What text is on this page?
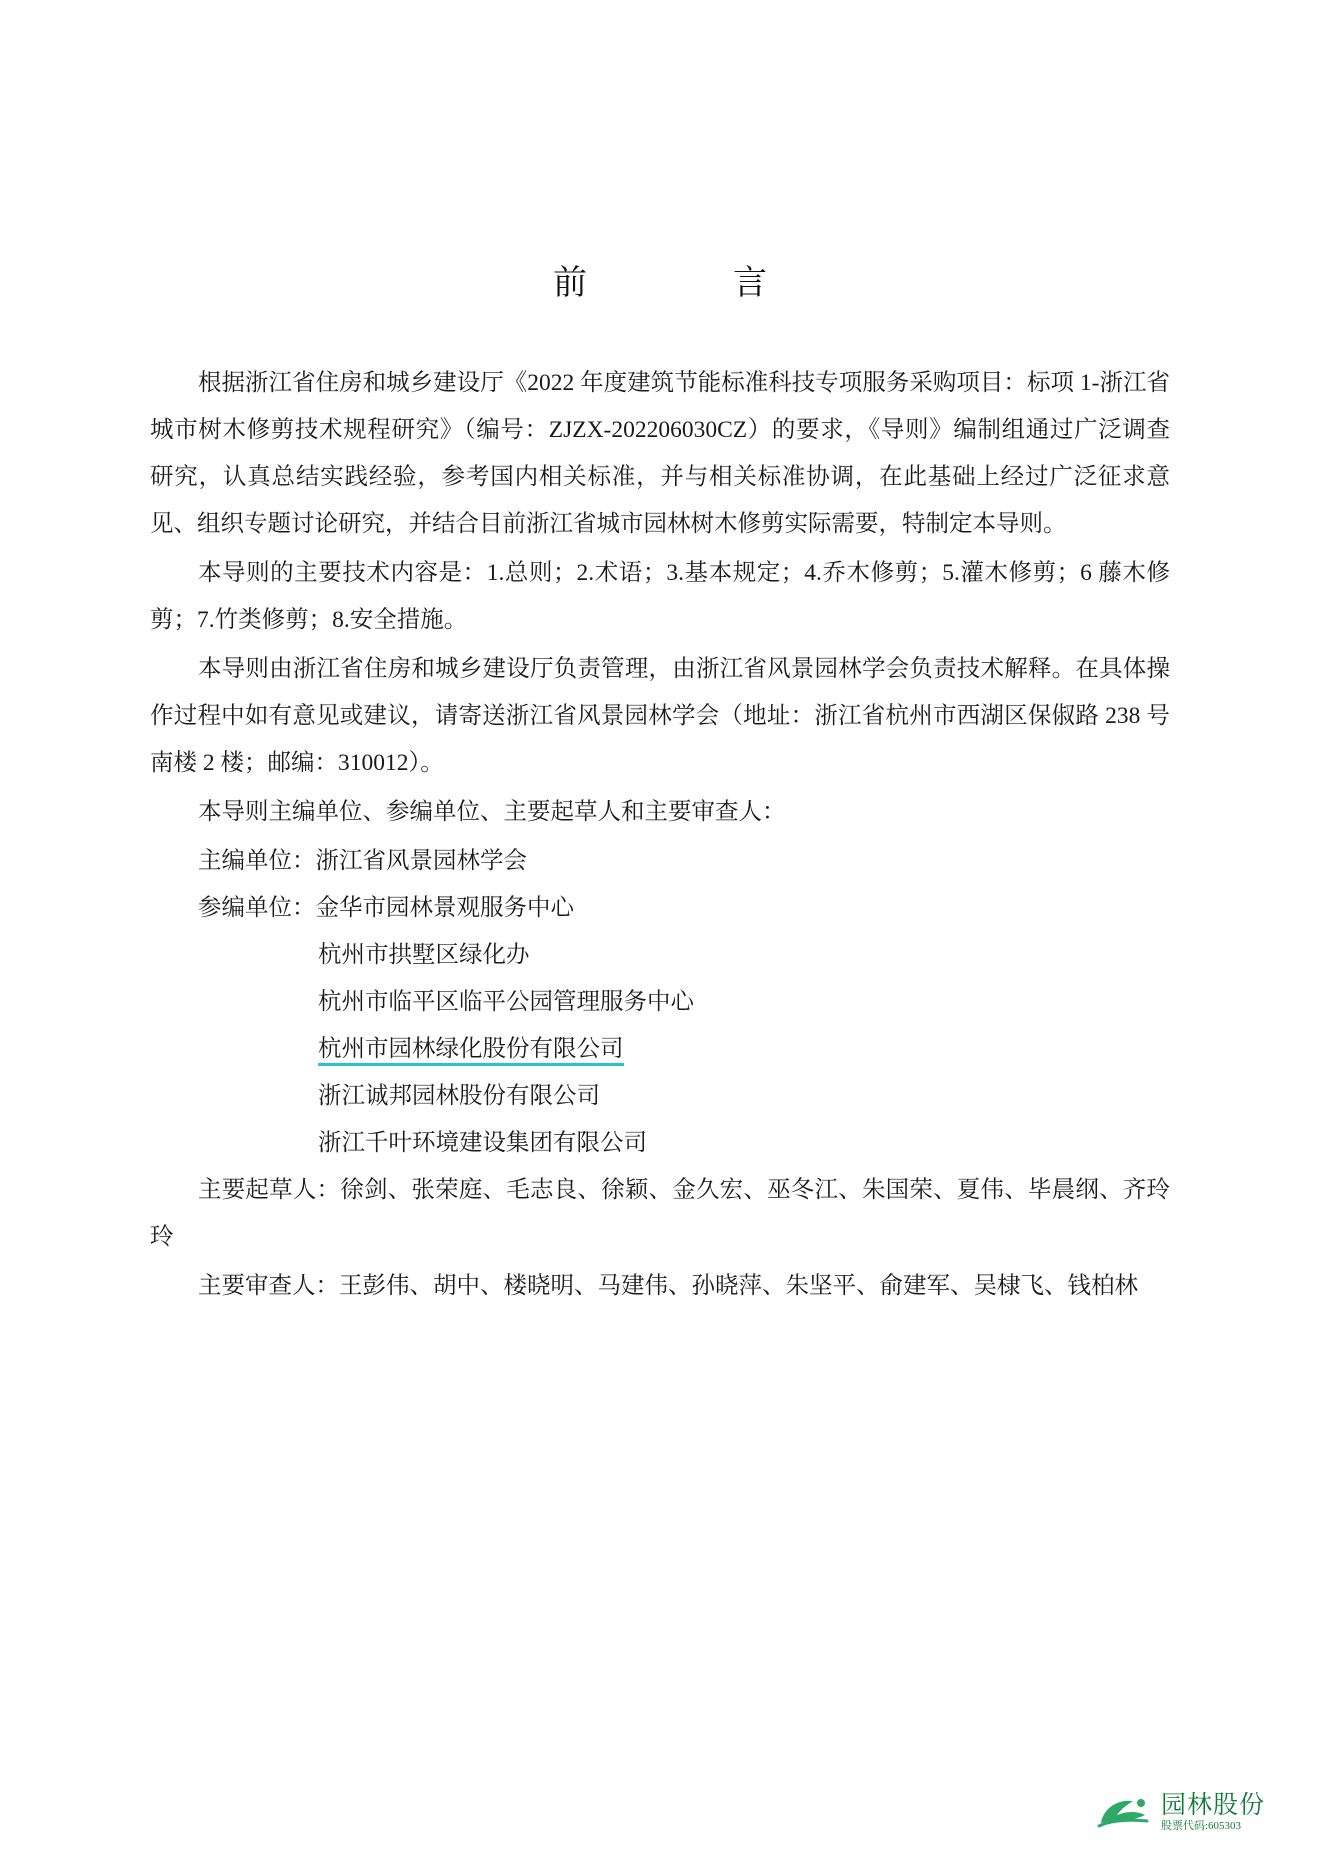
前　　言

根据浙江省住房和城乡建设厅《2022 年度建筑节能标准科技专项服务采购项目：标项 1-浙江省城市树木修剪技术规程研究》（编号：ZJZX-202206030CZ）的要求，《导则》编制组通过广泛调查研究，认真总结实践经验，参考国内相关标准，并与相关标准协调，在此基础上经过广泛征求意见、组织专题讨论研究，并结合目前浙江省城市园林树木修剪实际需要，特制定本导则。

本导则的主要技术内容是：1.总则；2.术语；3.基本规定；4.乔木修剪；5.灌木修剪；6 藤木修剪；7.竹类修剪；8.安全措施。

本导则由浙江省住房和城乡建设厅负责管理，由浙江省风景园林学会负责技术解释。在具体操作过程中如有意见或建议，请寄送浙江省风景园林学会（地址：浙江省杭州市西湖区保俶路 238 号南楼 2 楼；邮编：310012）。

本导则主编单位、参编单位、主要起草人和主要审查人：

主编单位：浙江省风景园林学会

参编单位：金华市园林景观服务中心

杭州市拱墅区绿化办

杭州市临平区临平公园管理服务中心

杭州市园林绿化股份有限公司

浙江诚邦园林股份有限公司

浙江千叶环境建设集团有限公司

主要起草人：徐剑、张荣庭、毛志良、徐颖、金久宏、巫冬江、朱国荣、夏伟、毕晨纲、齐玲玲

主要审查人：王彭伟、胡中、楼晓明、马建伟、孙晓萍、朱坚平、俞建军、吴棣飞、钱柏林

园林股份
股票代码:605303
